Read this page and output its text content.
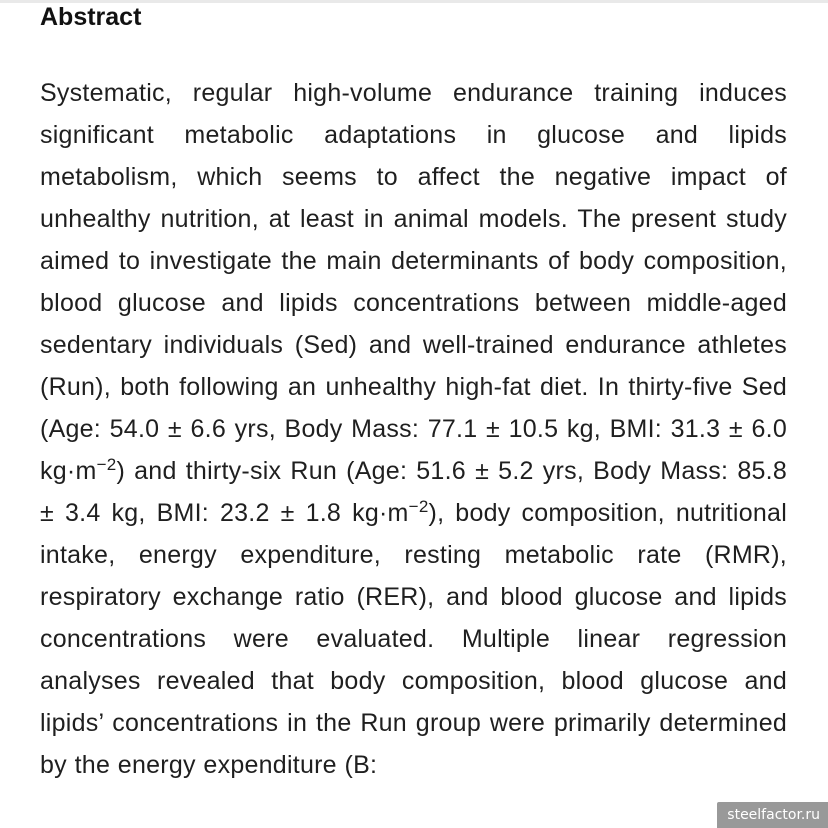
Abstract

Systematic, regular high-volume endurance training induces significant metabolic adaptations in glucose and lipids metabolism, which seems to affect the negative impact of unhealthy nutrition, at least in animal models. The present study aimed to investigate the main determinants of body composition, blood glucose and lipids concentrations between middle-aged sedentary individuals (Sed) and well-trained endurance athletes (Run), both following an unhealthy high-fat diet. In thirty-five Sed (Age: 54.0 ± 6.6 yrs, Body Mass: 77.1 ± 10.5 kg, BMI: 31.3 ± 6.0 $kg\cdot m^{-2}$) and thirty-six Run (Age: 51.6 ± 5.2 yrs, Body Mass: 85.8 ± 3.4 kg, BMI: 23.2 ± 1.8 $kg\cdot m^{-2}$), body composition, nutritional intake, energy expenditure, resting metabolic rate (RMR), respiratory exchange ratio (RER), and blood glucose and lipids concentrations were evaluated. Multiple linear regression analyses revealed that body composition, blood glucose and lipids’ concentrations in the Run group were primarily determined by the energy expenditure (B:

steelfactor.ru
